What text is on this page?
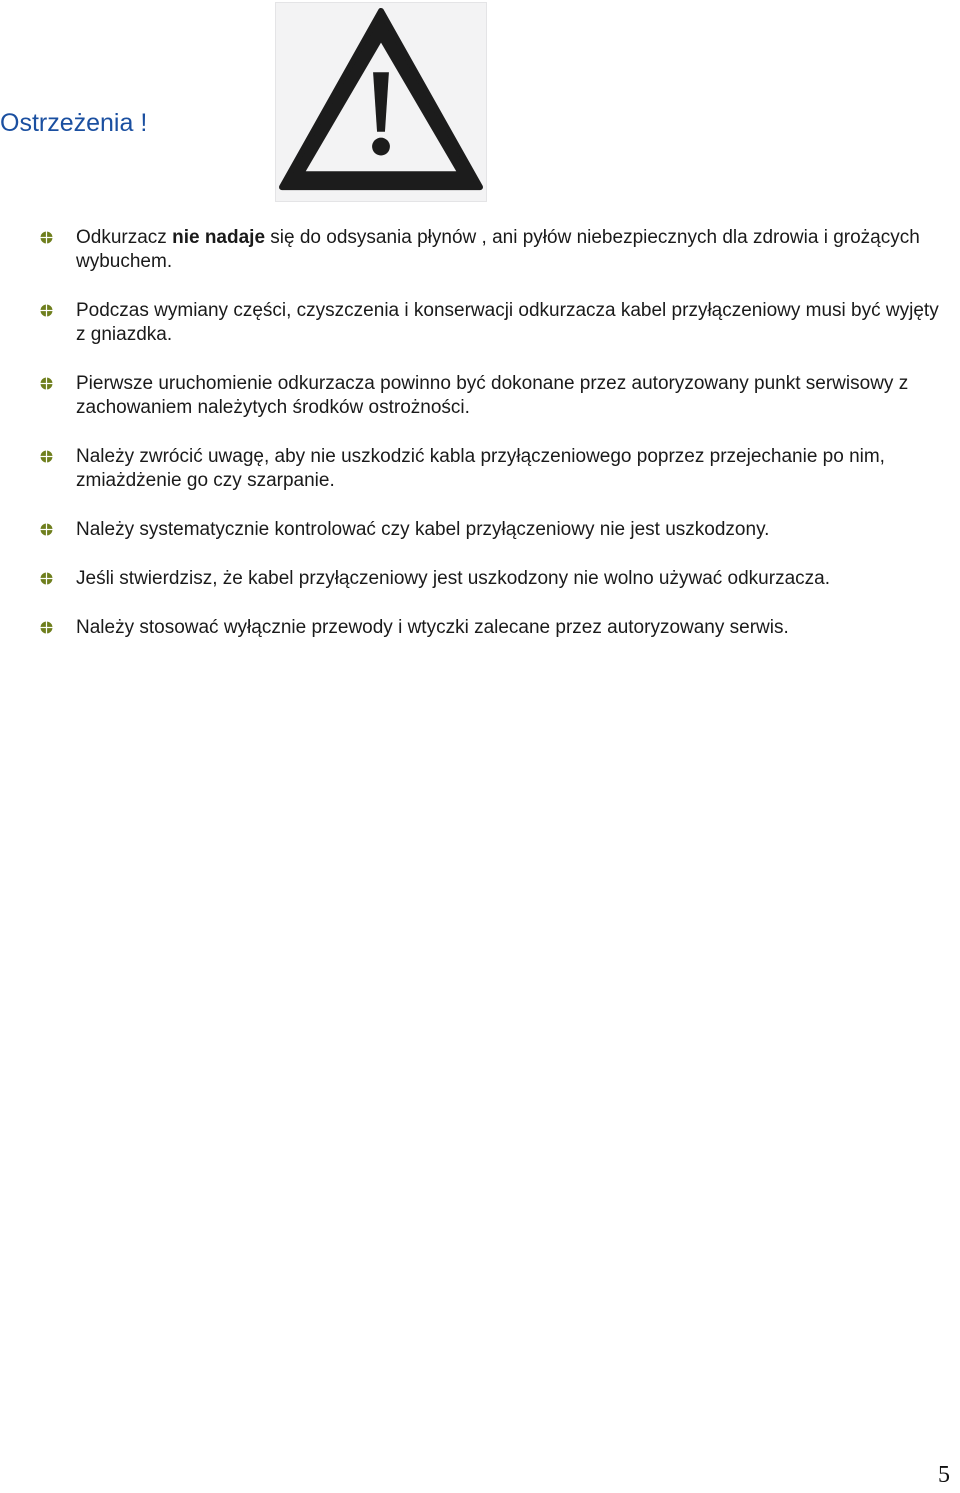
Ostrzeżenia !
Odkurzacz nie nadaje się do odsysania płynów , ani pyłów niebezpiecznych dla zdrowia i grożących wybuchem.
Podczas wymiany części, czyszczenia i konserwacji odkurzacza kabel przyłączeniowy musi być wyjęty z gniazdka.
Pierwsze uruchomienie odkurzacza powinno być dokonane przez autoryzowany punkt serwisowy z zachowaniem należytych środków ostrożności.
Należy zwrócić uwagę, aby nie uszkodzić kabla przyłączeniowego poprzez przejechanie po nim, zmiażdżenie go czy szarpanie.
Należy systematycznie kontrolować czy kabel przyłączeniowy nie jest uszkodzony.
Jeśli stwierdzisz, że kabel przyłączeniowy jest uszkodzony nie wolno używać odkurzacza.
Należy stosować wyłącznie przewody i wtyczki zalecane przez autoryzowany serwis.
5
